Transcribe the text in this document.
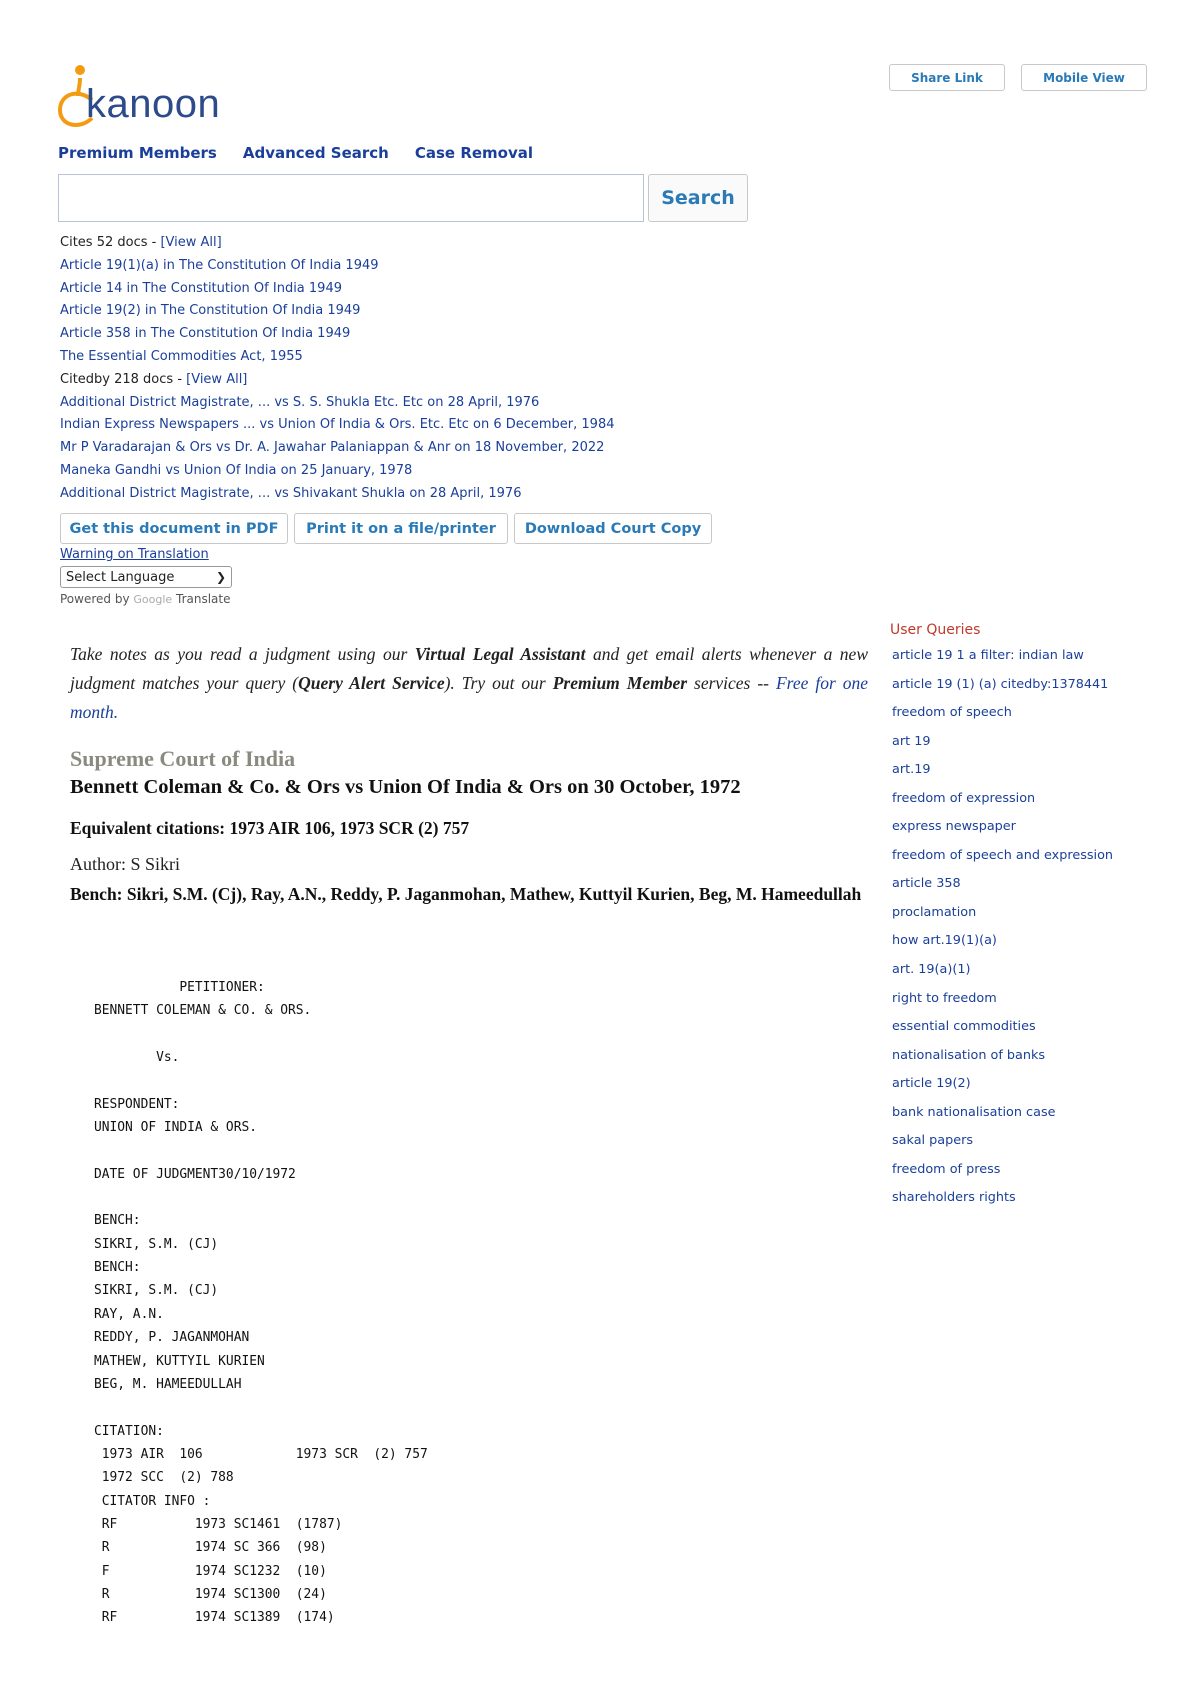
kanoon
Share Link	Mobile View
Premium Members Advanced Search Case Removal
Search
Cites 52 docs - [View All]
Article 19(1)(a) in The Constitution Of India 1949
Article 14 in The Constitution Of India 1949
Article 19(2) in The Constitution Of India 1949
Article 358 in The Constitution Of India 1949
The Essential Commodities Act, 1955
Citedby 218 docs - [View All]
Additional District Magistrate, ... vs S. S. Shukla Etc. Etc on 28 April, 1976
Indian Express Newspapers ... vs Union Of India & Ors. Etc. Etc on 6 December, 1984
Mr P Varadarajan & Ors vs Dr. A. Jawahar Palaniappan & Anr on 18 November, 2022
Maneka Gandhi vs Union Of India on 25 January, 1978
Additional District Magistrate, ... vs Shivakant Shukla on 28 April, 1976
Get this document in PDF	Print it on a file/printer	Download Court Copy
Warning on Translation
Select Language	❯
Powered by Google Translate
Take notes as you read a judgment using our Virtual Legal Assistant and get email alerts whenever a new judgment matches your query (Query Alert Service). Try out our Premium Member services -- Free for one month.
Supreme Court of India
Bennett Coleman & Co. & Ors vs Union Of India & Ors on 30 October, 1972
Equivalent citations: 1973 AIR 106, 1973 SCR (2) 757
Author: S Sikri
Bench: Sikri, S.M. (Cj), Ray, A.N., Reddy, P. Jaganmohan, Mathew, Kuttyil Kurien, Beg, M. Hameedullah
PETITIONER:
BENNETT COLEMAN & CO. & ORS.

Vs.

RESPONDENT:
UNION OF INDIA & ORS.

DATE OF JUDGMENT30/10/1972

BENCH:
SIKRI, S.M. (CJ)
BENCH:
SIKRI, S.M. (CJ)
RAY, A.N.
REDDY, P. JAGANMOHAN
MATHEW, KUTTYIL KURIEN
BEG, M. HAMEEDULLAH

CITATION:
1973 AIR  106            1973 SCR  (2) 757
1972 SCC  (2) 788
CITATOR INFO :
RF          1973 SC1461  (1787)
R           1974 SC 366  (98)
F           1974 SC1232  (10)
R           1974 SC1300  (24)
RF          1974 SC1389  (174)
User Queries
article 19 1 a filter: indian law
article 19 (1) (a) citedby:1378441
freedom of speech
art 19
art.19
freedom of expression
express newspaper
freedom of speech and expression
article 358
proclamation
how art.19(1)(a)
art. 19(a)(1)
right to freedom
essential commodities
nationalisation of banks
article 19(2)
bank nationalisation case
sakal papers
freedom of press
shareholders rights
